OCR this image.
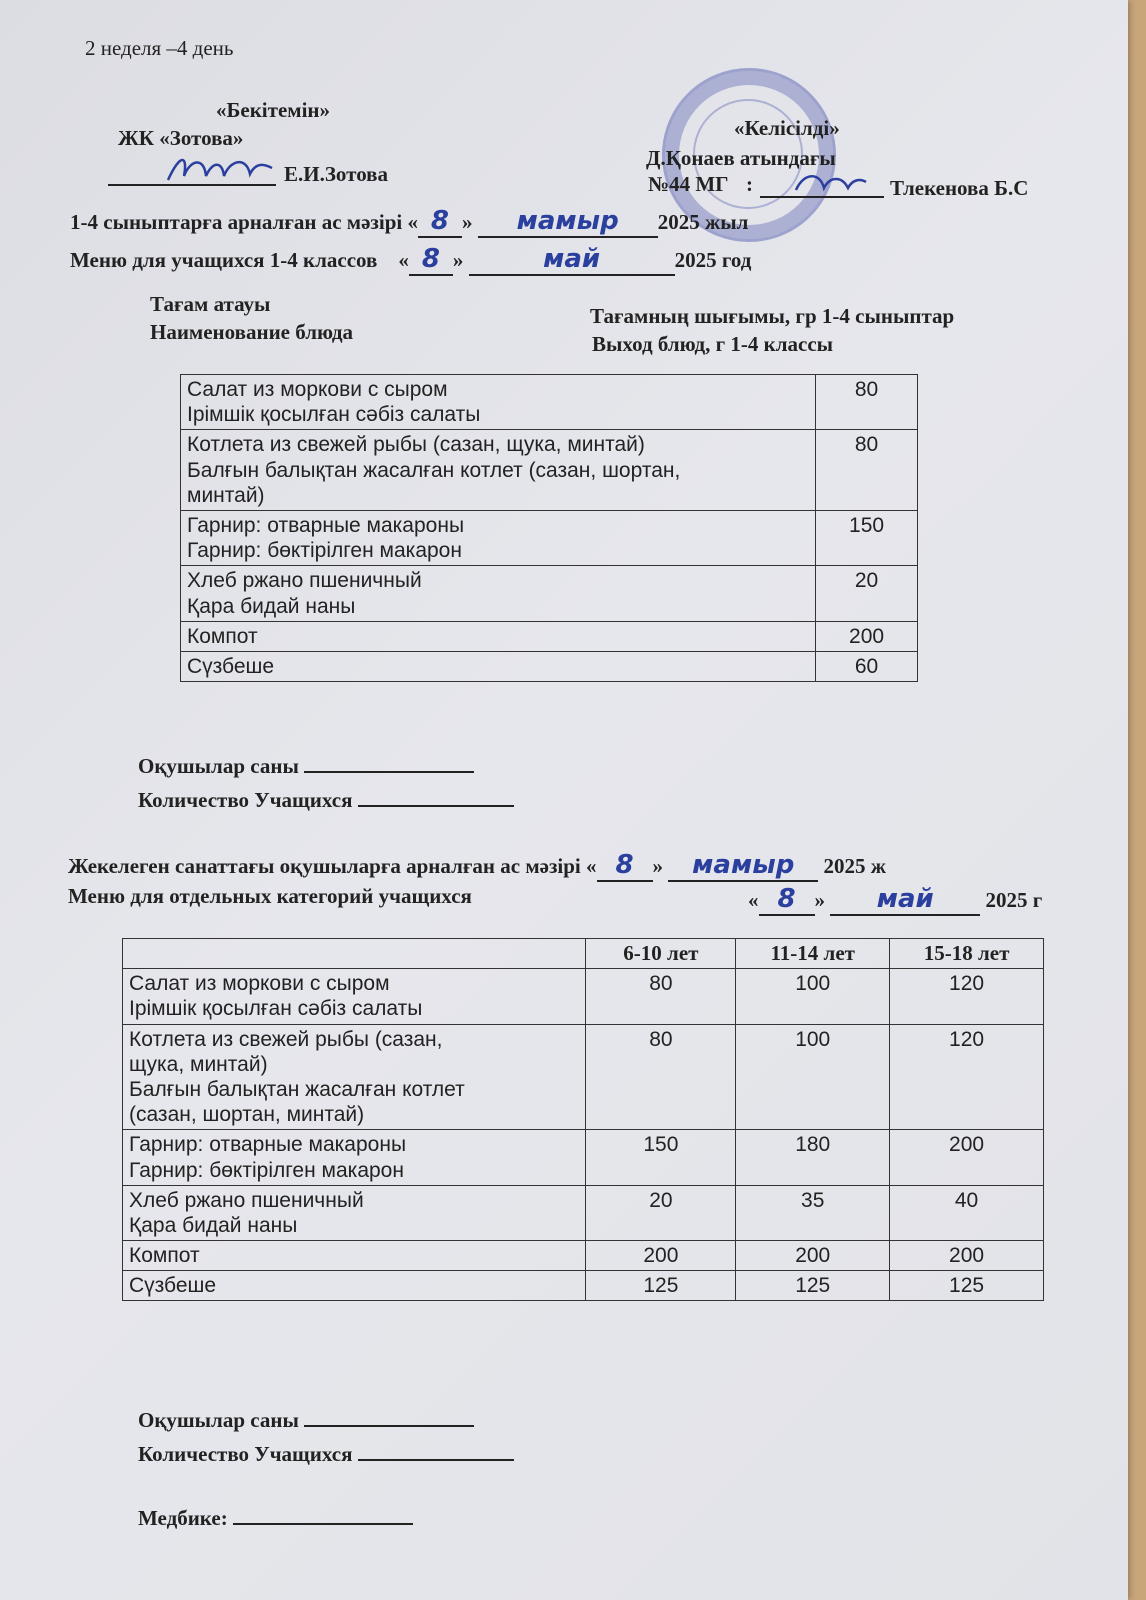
2 неделя –4 день
«Бекітемін»
ЖК «Зотова»
Е.И.Зотова
«Келісілді»
Д.Қонаев атындағы
№44 МГ :	Тлекенова Б.С
1-4 сыныптарға арналған ас мәзірі « 8 » мамыр 2025 жыл
Меню для учащихся 1-4 классов    « 8 »	май	2025 год
Тағам атауы
Наименование блюда
Тағамның шығымы, гр 1-4 сыныптар
Выход блюд, г 1-4 классы
Салат из моркови с сыром
Ірімшік қосылған сәбіз салаты	80

Котлета из свежей рыбы (сазан, щука, минтай)
Балғын балықтан жасалған котлет (сазан, шортан,
минтай)	80

Гарнир: отварные макароны
Гарнир: бөктірілген макарон	150

Хлеб ржано пшеничный
Қара бидай наны	20

Компот	200

Сүзбеше	60
Оқушылар саны
Количество Учащихся
Жекелеген санаттағы оқушыларға арналған ас мәзірі « 8 » мамыр 2025 ж
Меню для отдельных категорий учащихся	« 8 » май 2025 г
	6-10 лет	11-14 лет	15-18 лет

Салат из моркови с сыром
Ірімшік қосылған сәбіз салаты	80	100	120

Котлета из свежей рыбы (сазан,
щука, минтай)
Балғын балықтан жасалған котлет
(сазан, шортан, минтай)	80	100	120

Гарнир: отварные макароны
Гарнир: бөктірілген макарон	150	180	200

Хлеб ржано пшеничный
Қара бидай наны	20	35	40

Компот	200	200	200

Сүзбеше	125	125	125
Оқушылар саны
Количество Учащихся
Медбике:
